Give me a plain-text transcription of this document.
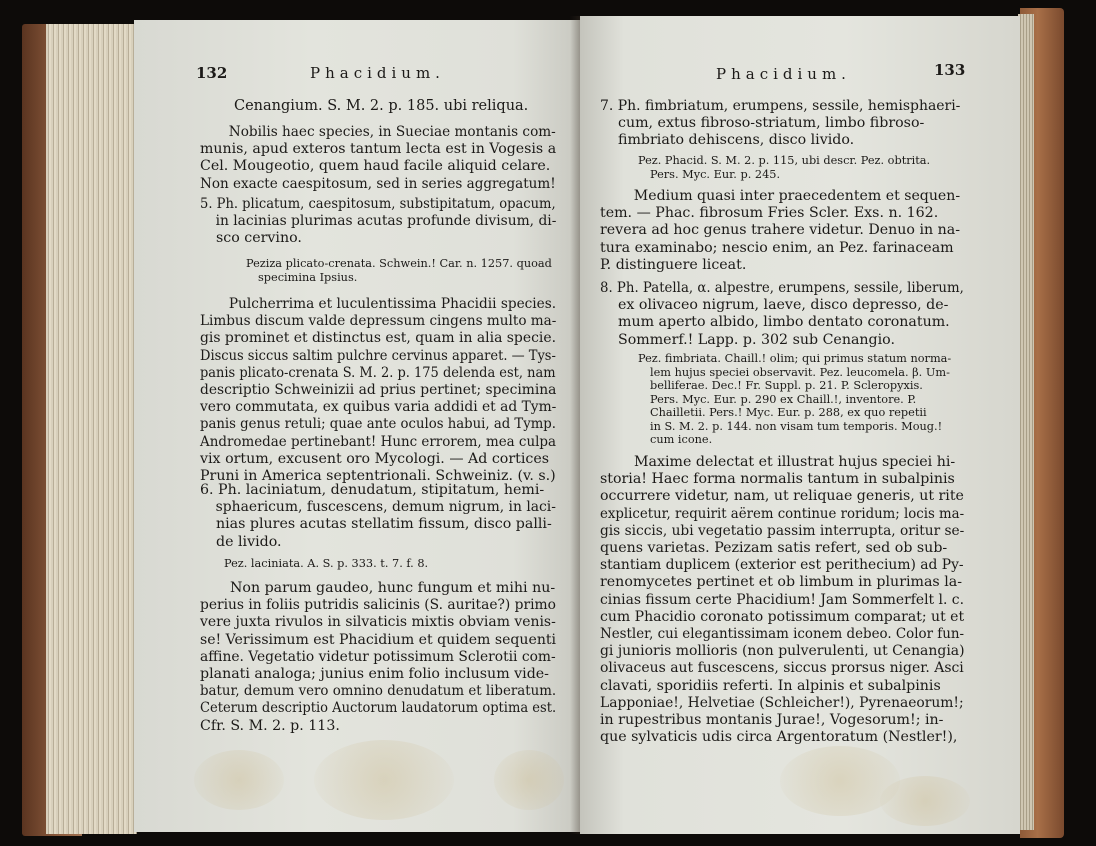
132	Phacidium.
Cenangium. S. M. 2. p. 185. ubi reliqua.
Nobilis haec species, in Sueciae montanis com-
munis, apud exteros tantum lecta est in Vogesis a
Cel. Mougeotio, quem haud facile aliquid celare.
Non exacte caespitosum, sed in series aggregatum!
5. Ph. plicatum, caespitosum, substipitatum, opacum,
in lacinias plurimas acutas profunde divisum, di-
sco cervino.
Peziza plicato-crenata. Schwein.! Car. n. 1257. quoad
specimina Ipsius.
Pulcherrima et luculentissima Phacidii species.
Limbus discum valde depressum cingens multo ma-
gis prominet et distinctus est, quam in alia specie.
Discus siccus saltim pulchre cervinus apparet. — Tys-
panis plicato-crenata S. M. 2. p. 175 delenda est, nam
descriptio Schweinizii ad prius pertinet; specimina
vero commutata, ex quibus varia addidi et ad Tym-
panis genus retuli; quae ante oculos habui, ad Tymp.
Andromedae pertinebant! Hunc errorem, mea culpa
vix ortum, excusent oro Mycologi. — Ad cortices
Pruni in America septentrionali. Schweiniz. (v. s.)
6. Ph. laciniatum, denudatum, stipitatum, hemi-
sphaericum, fuscescens, demum nigrum, in laci-
nias plures acutas stellatim fissum, disco palli-
de livido.
Pez. laciniata. A. S. p. 333. t. 7. f. 8.
Non parum gaudeo, hunc fungum et mihi nu-
perius in foliis putridis salicinis (S. auritae?) primo
vere juxta rivulos in silvaticis mixtis obviam venis-
se! Verissimum est Phacidium et quidem sequenti
affine. Vegetatio videtur potissimum Sclerotii com-
planati analoga; junius enim folio inclusum vide-
batur, demum vero omnino denudatum et liberatum.
Ceterum descriptio Auctorum laudatorum optima est.
Cfr. S. M. 2. p. 113.
Phacidium.	133
7. Ph. fimbriatum, erumpens, sessile, hemisphaeri-
cum, extus fibroso-striatum, limbo fibroso-
fimbriato dehiscens, disco livido.
Pez. Phacid. S. M. 2. p. 115, ubi descr. Pez. obtrita.
Pers. Myc. Eur. p. 245.
Medium quasi inter praecedentem et sequen-
tem. — Phac. fibrosum Fries Scler. Exs. n. 162.
revera ad hoc genus trahere videtur. Denuo in na-
tura examinabo; nescio enim, an Pez. farinaceam
P. distinguere liceat.
8. Ph. Patella, α. alpestre, erumpens, sessile, liberum,
ex olivaceo nigrum, laeve, disco depresso, de-
mum aperto albido, limbo dentato coronatum.
Sommerf.! Lapp. p. 302 sub Cenangio.
Pez. fimbriata. Chaill.! olim; qui primus statum norma-
lem hujus speciei observavit. Pez. leucomela. β. Um-
belliferae. Dec.! Fr. Suppl. p. 21. P. Scleropyxis.
Pers. Myc. Eur. p. 290 ex Chaill.!, inventore. P.
Chailletii. Pers.! Myc. Eur. p. 288, ex quo repetii
in S. M. 2. p. 144. non visam tum temporis. Moug.!
cum icone.
Maxime delectat et illustrat hujus speciei hi-
storia! Haec forma normalis tantum in subalpinis
occurrere videtur, nam, ut reliquae generis, ut rite
explicetur, requirit aërem continue roridum; locis ma-
gis siccis, ubi vegetatio passim interrupta, oritur se-
quens varietas. Pezizam satis refert, sed ob sub-
stantiam duplicem (exterior est perithecium) ad Py-
renomycetes pertinet et ob limbum in plurimas la-
cinias fissum certe Phacidium! Jam Sommerfelt l. c.
cum Phacidio coronato potissimum comparat; ut et
Nestler, cui elegantissimam iconem debeo. Color fun-
gi junioris mollioris (non pulverulenti, ut Cenangia)
olivaceus aut fuscescens, siccus prorsus niger. Asci
clavati, sporidiis referti. In alpinis et subalpinis
Lapponiae!, Helvetiae (Schleicher!), Pyrenaeorum!;
in rupestribus montanis Jurae!, Vogesorum!; in-
que sylvaticis udis circa Argentoratum (Nestler!),
